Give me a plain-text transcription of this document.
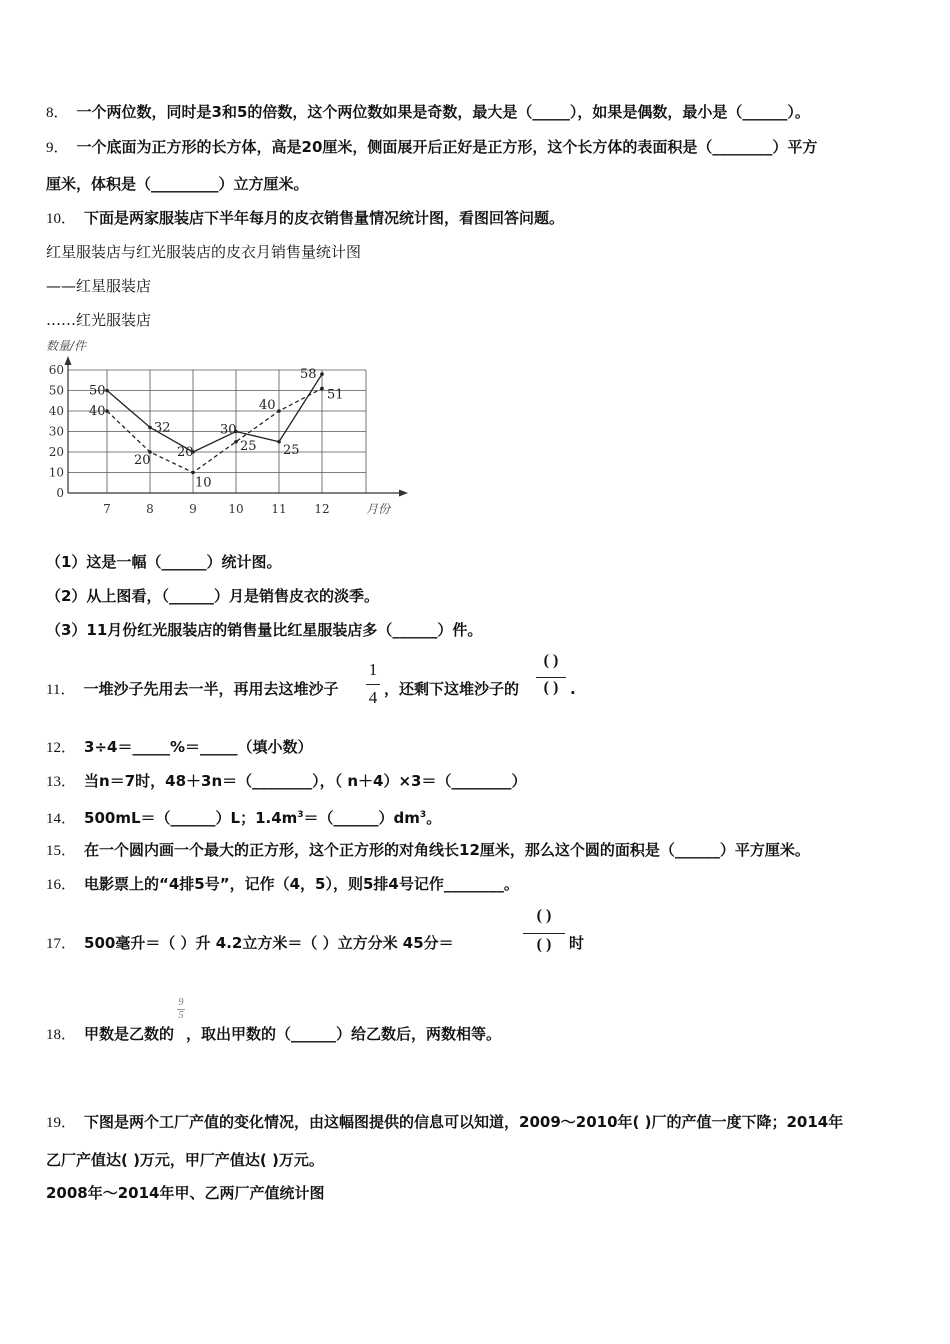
8． 一个两位数，同时是3和5的倍数，这个两位数如果是奇数，最大是（_____），如果是偶数，最小是（______）。
9． 一个底面为正方形的长方体，高是20厘米，侧面展开后正好是正方形，这个长方体的表面积是（________）平方
厘米，体积是（_________）立方厘米。
10． 下面是两家服装店下半年每月的皮衣销售量情况统计图，看图回答问题。
红星服装店与红光服装店的皮衣月销售量统计图
——红星服装店
……红光服装店
0
10
20
30
40
50
60
7	8	9	10 11 12
数量/件
月份
50
32
20
30
25
58
40
20
10
25
40
51
（1）这是一幅（______）统计图。
（2）从上图看，（______）月是销售皮衣的淡季。
（3）11月份红光服装店的销售量比红星服装店多（______）件。
11． 一堆沙子先用去一半，再用去这堆沙子
1
4 ，还剩下这堆沙子的
( )
( ) .
12． 3÷4＝_____%＝_____（填小数）
13． 当n＝7时，48＋3n＝（________），（ n＋4）×3＝（________）
14． 500mL＝（______）L；$1.4m^3=(\_\_\_\_\_\_)dm^3$。
15． 在一个圆内画一个最大的正方形，这个正方形的对角线长12厘米，那么这个圆的面积是（______）平方厘米。
16． 电影票上的“4排5号”，记作（4，5），则5排4号记作________。
17． 500毫升＝（ ）升 4.2立方米＝（ ）立方分米 45分＝
( )
( )	时
18． 甲数是乙数的
9
5
，取出甲数的（______）给乙数后，两数相等。
19． 下图是两个工厂产值的变化情况，由这幅图提供的信息可以知道，2009～2010年( )厂的产值一度下降；2014年
乙厂产值达( )万元，甲厂产值达( )万元。
2008年～2014年甲、乙两厂产值统计图
